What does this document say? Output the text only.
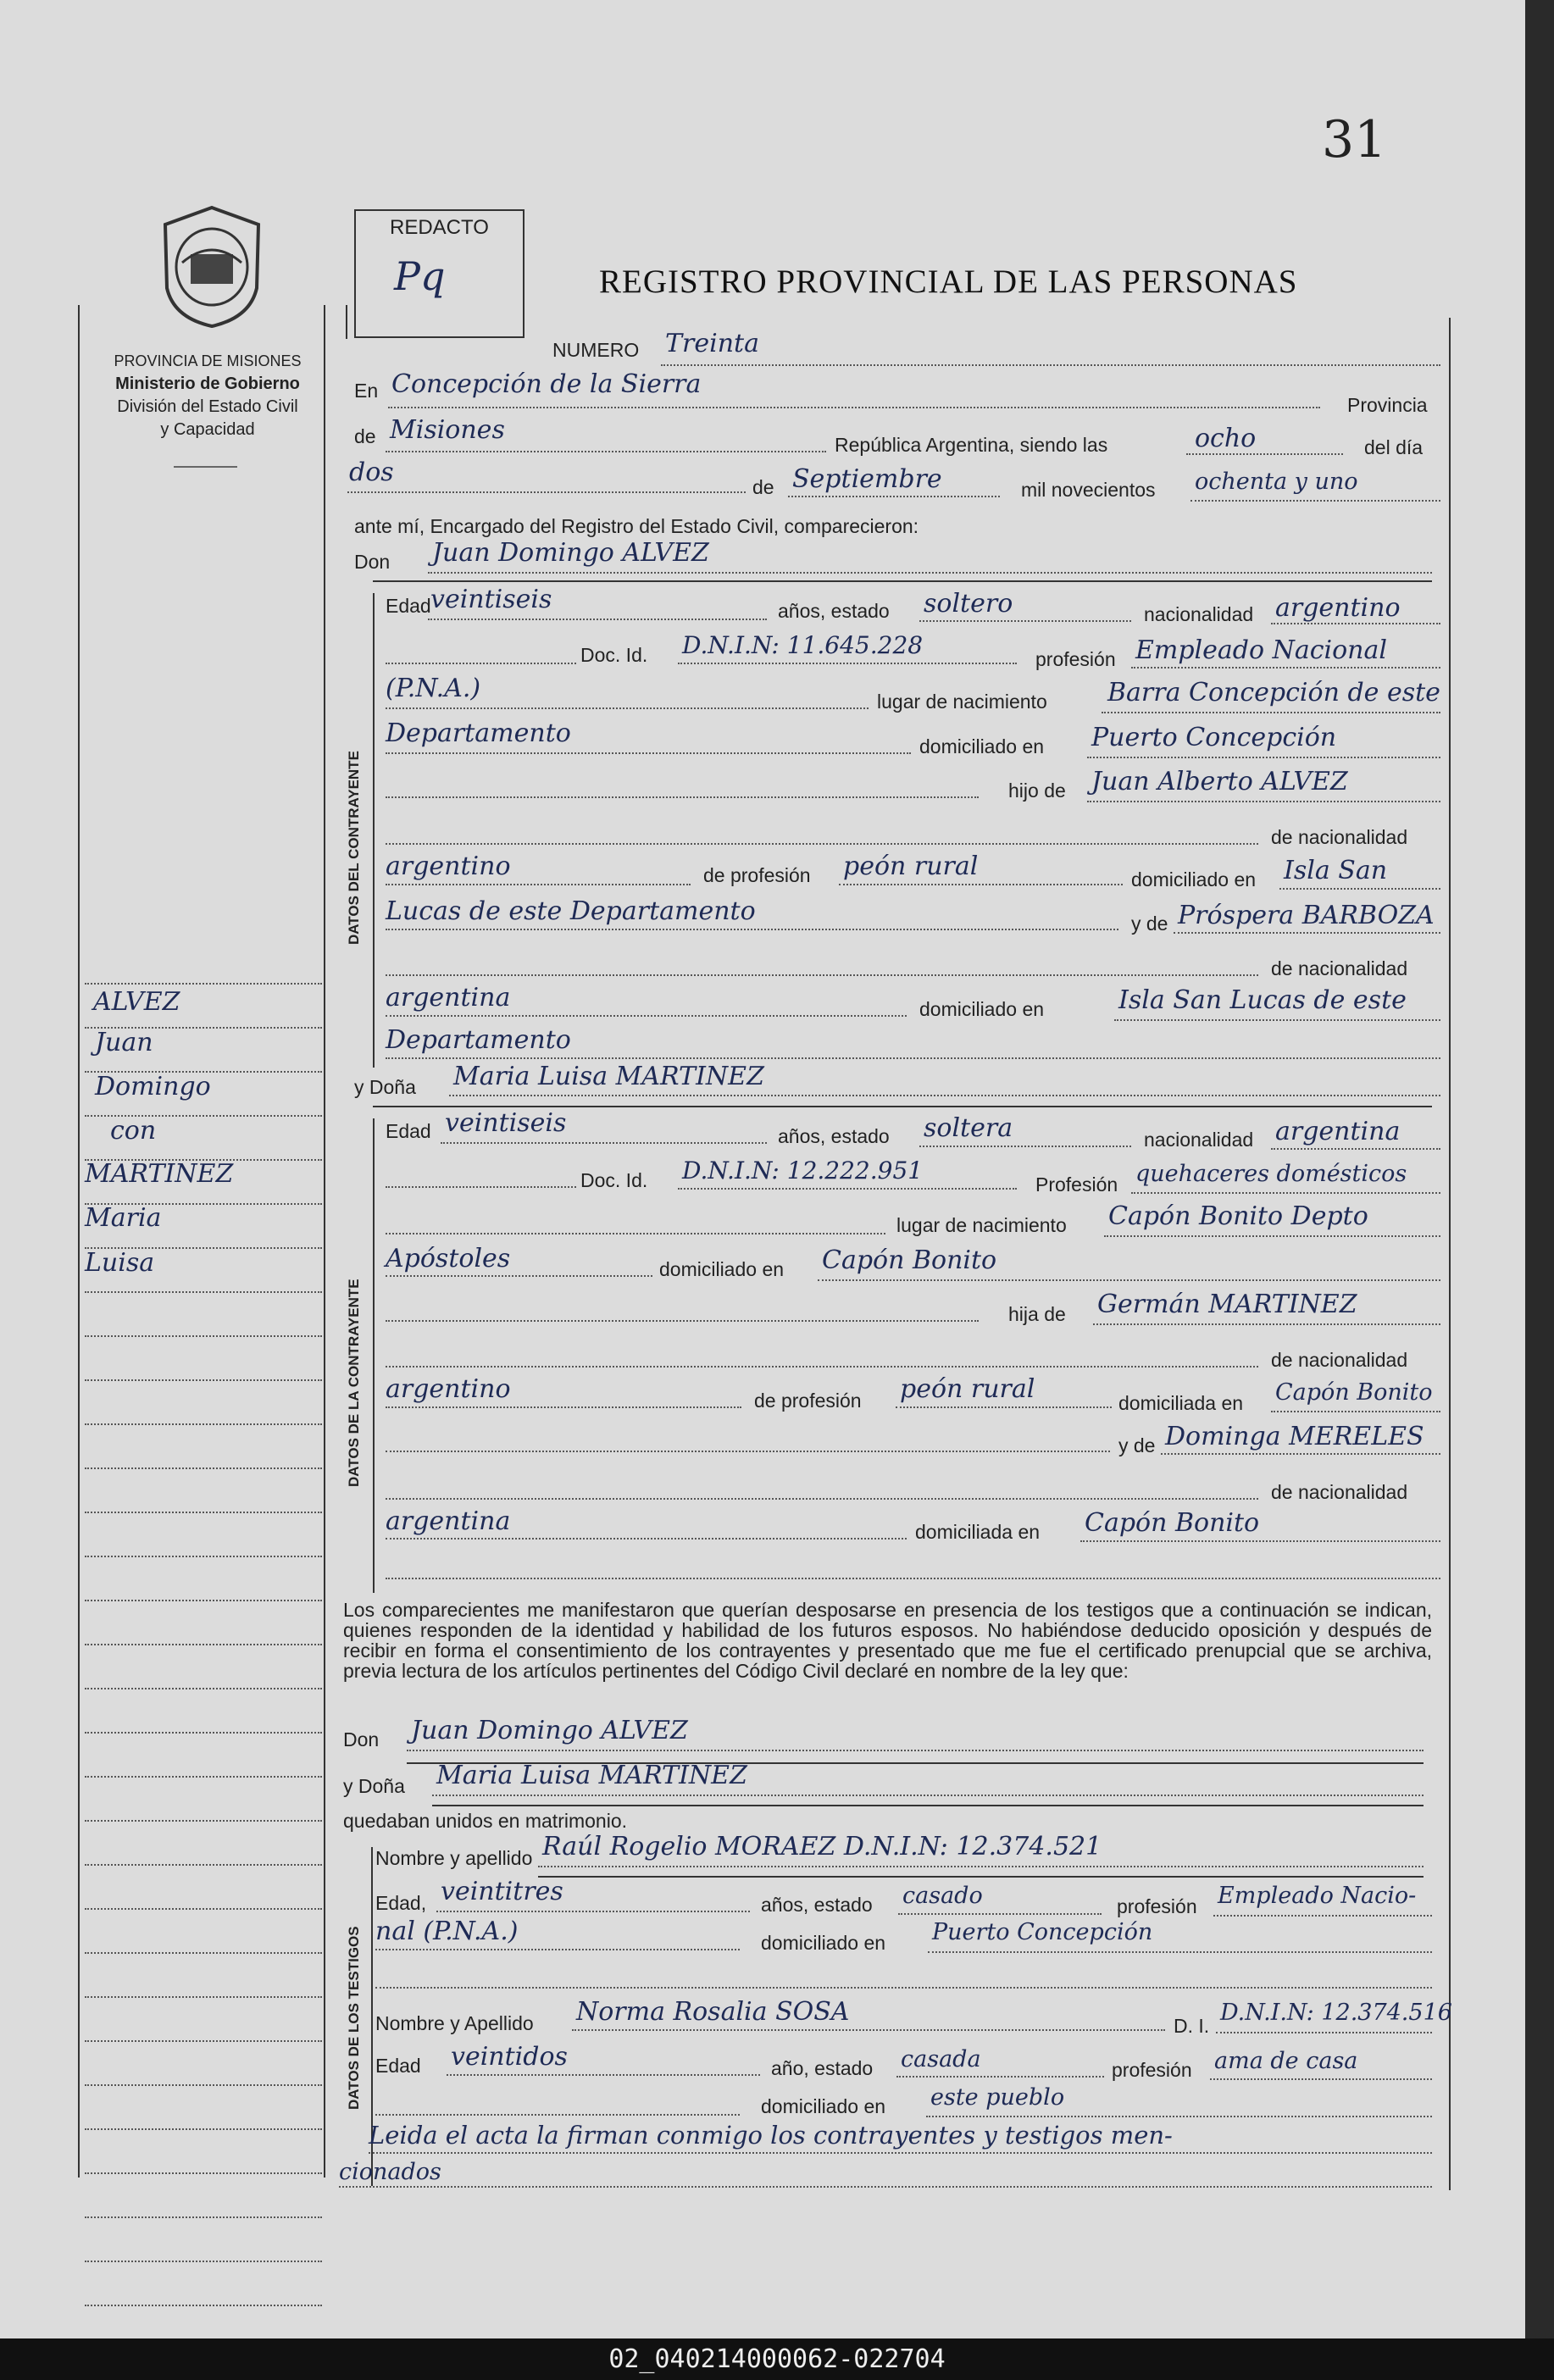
31
PROVINCIA DE MISIONES
Ministerio de Gobierno
División del Estado Civil
y Capacidad
REDACTO
Pq	REGISTRO PROVINCIAL DE LAS PERSONAS
ALVEZ
Juan
Domingo
con
MARTINEZ
Maria
Luisa
NUMERO Treinta
En Concepción de la Sierra
Provincia
de Misiones	República Argentina, siendo las	ocho	del día
dos	de Septiembre	mil novecientos ochenta y uno
ante mí, Encargado del Registro del Estado Civil, comparecieron:
Don Juan Domingo ALVEZ
DATOS DEL CONTRAYENTE
Edad veintiseis	años, estado soltero	nacionalidad argentino
Doc. Id. D.N.I.N: 11.645.228	profesión Empleado Nacional
(P.N.A.)	lugar de nacimiento Barra Concepción de este
Departamento	domiciliado en Puerto Concepción
hijo de Juan Alberto ALVEZ
de nacionalidad
argentino	de profesión peón rural	domiciliado en Isla San
Lucas de este Departamento	y de Próspera BARBOZA
de nacionalidad
argentina	domiciliado en	Isla San Lucas de este
Departamento
y Doña Maria Luisa MARTINEZ
DATOS DE LA CONTRAYENTE
Edad veintiseis	años, estado soltera	nacionalidad argentina
Doc. Id. D.N.I.N: 12.222.951	Profesión quehaceres domésticos
lugar de nacimiento Capón Bonito Depto
Apóstoles	domiciliado en Capón Bonito
hija de Germán MARTINEZ
de nacionalidad
argentino	de profesión peón rural	domiciliada en Capón Bonito
y de Dominga MERELES
de nacionalidad
argentina	domiciliada en Capón Bonito
Los comparecientes me manifestaron que querían desposarse en presencia de los testigos que a continuación se indican, quienes responden de la identidad y habilidad de los futuros esposos. No habiéndose deducido oposición y después de recibir en forma el consentimiento de los contrayentes y presentado que me fue el certificado prenupcial que se archiva, previa lectura de los artículos pertinentes del Código Civil declaré en nombre de la ley que:
Don Juan Domingo ALVEZ
y Doña Maria Luisa MARTINEZ
quedaban unidos en matrimonio.
DATOS DE LOS TESTIGOS
Nombre y apellido Raúl Rogelio MORAEZ D.N.I.N: 12.374.521
Edad, veintitres	años, estado casado	profesión Empleado Nacio-
nal (P.N.A.)	domiciliado en Puerto Concepción
Nombre y Apellido Norma Rosalia SOSA	D. I. D.N.I.N: 12.374.516
Edad veintidos	año, estado casada	profesión ama de casa
domiciliado en este pueblo
Leida el acta la firman conmigo los contrayentes y testigos men-
cionados
02_040214000062-022704
